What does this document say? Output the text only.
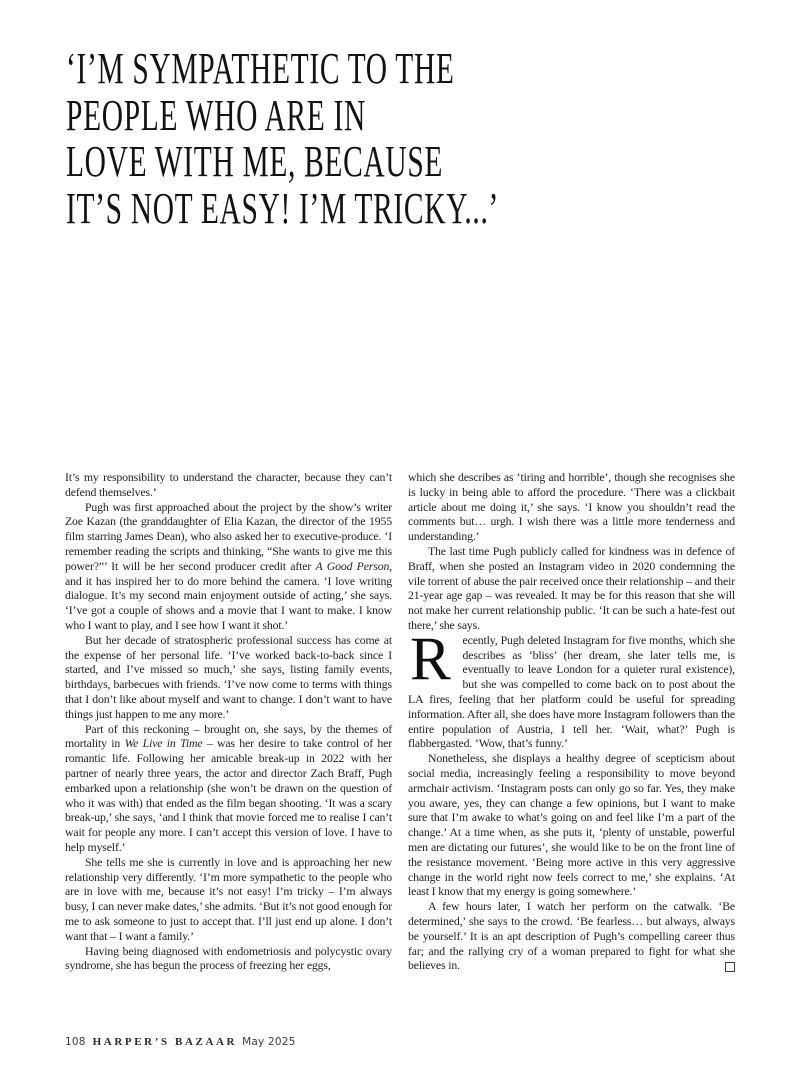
‘I’M SYMPATHETIC TO THE
PEOPLE WHO ARE IN
LOVE WITH ME, BECAUSE
IT’S NOT EASY! I’M TRICKY...’

It’s my responsibility to understand the character, because they can’t defend themselves.’

Pugh was first approached about the project by the show’s writer Zoe Kazan (the granddaughter of Elia Kazan, the director of the 1955 film starring James Dean), who also asked her to executive-produce. ‘I remember reading the scripts and thinking, “She wants to give me this power?”’ It will be her second producer credit after A Good Person, and it has inspired her to do more behind the camera. ‘I love writing dialogue. It’s my second main enjoyment outside of acting,’ she says. ‘I’ve got a couple of shows and a movie that I want to make. I know who I want to play, and I see how I want it shot.’

But her decade of stratospheric professional success has come at the expense of her personal life. ‘I’ve worked back-to-back since I started, and I’ve missed so much,’ she says, listing family events, birthdays, barbecues with friends. ‘I’ve now come to terms with things that I don’t like about myself and want to change. I don’t want to have things just happen to me any more.’

Part of this reckoning – brought on, she says, by the themes of mortality in We Live in Time – was her desire to take control of her romantic life. Following her amicable break-up in 2022 with her partner of nearly three years, the actor and director Zach Braff, Pugh embarked upon a relationship (she won’t be drawn on the question of who it was with) that ended as the film began shooting. ‘It was a scary break-up,’ she says, ‘and I think that movie forced me to realise I can’t wait for people any more. I can’t accept this version of love. I have to help myself.’

She tells me she is currently in love and is approaching her new relationship very differently. ‘I’m more sympathetic to the people who are in love with me, because it’s not easy! I’m tricky – I’m always busy, I can never make dates,’ she admits. ‘But it’s not good enough for me to ask someone to just to accept that. I’ll just end up alone. I don’t want that – I want a family.’

Having being diagnosed with endometriosis and polycystic ovary syndrome, she has begun the process of freezing her eggs,

which she describes as ‘tiring and horrible’, though she recognises she is lucky in being able to afford the procedure. ‘There was a clickbait article about me doing it,’ she says. ‘I know you shouldn’t read the comments but… urgh. I wish there was a little more tenderness and understanding.’

The last time Pugh publicly called for kindness was in defence of Braff, when she posted an Instagram video in 2020 condemning the vile torrent of abuse the pair received once their relationship – and their 21-year age gap – was revealed. It may be for this reason that she will not make her current relationship public. ‘It can be such a hate-fest out there,’ she says.

R	ecently, Pugh deleted Instagram for five months, which she describes as ‘bliss’ (her dream, she later tells me, is eventually to leave London for a quieter rural existence), but she was compelled to come back on to post about the LA fires, feeling that her platform could be useful for spreading information. After all, she does have more Instagram followers than the entire population of Austria, I tell her. ‘Wait, what?’ Pugh is flabbergasted. ‘Wow, that’s funny.’

Nonetheless, she displays a healthy degree of scepticism about social media, increasingly feeling a responsibility to move beyond armchair activism. ‘Instagram posts can only go so far. Yes, they make you aware, yes, they can change a few opinions, but I want to make sure that I’m awake to what’s going on and feel like I’m a part of the change.’ At a time when, as she puts it, ‘plenty of unstable, powerful men are dictating our futures’, she would like to be on the front line of the resistance movement. ‘Being more active in this very aggressive change in the world right now feels correct to me,’ she explains. ‘At least I know that my energy is going somewhere.’

A few hours later, I watch her perform on the catwalk. ‘Be determined,’ she says to the crowd. ‘Be fearless… but always, always be yourself.’ It is an apt description of Pugh’s compelling career thus far; and the rallying cry of a woman prepared to fight for what she believes in.

108 HARPER’S BAZAAR May 2025
